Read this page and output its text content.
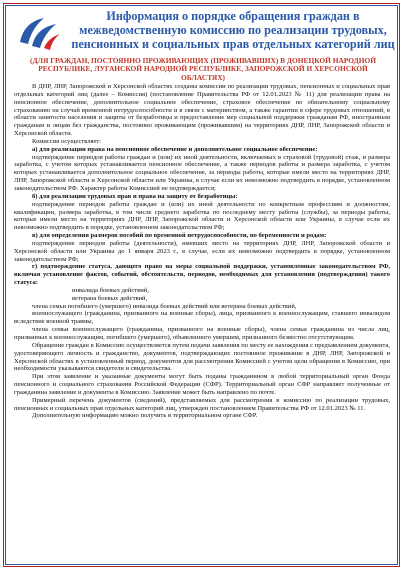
Информация о порядке обращения граждан в межведомственную комиссию по реализации трудовых, пенсионных и социальных прав отдельных категорий лиц
(ДЛЯ ГРАЖДАН, ПОСТОЯННО ПРОЖИВАЮЩИХ (ПРОЖИВАВШИХ) В ДОНЕЦКОЙ НАРОДНОЙ РЕСПУБЛИКЕ, ЛУГАНСКОЙ НАРОДНОЙ РЕСПУБЛИКЕ, ЗАПОРОЖСКОЙ И ХЕРСОНСКОЙ ОБЛАСТЯХ)

В ДНР, ЛНР, Запорожской и Херсонской областях созданы комиссии по реализации трудовых, пенсионных и социальных прав отдельных категорий лиц (далее – Комиссия) (постановление Правительства РФ от 12.01.2023 № 11) для реализации права на пенсионное обеспечение, дополнительное социальное обеспечение, страховое обеспечение по обязательному социальному страхованию на случай временной нетрудоспособности и в связи с материнством, а также гарантии в сфере трудовых отношений, в области занятости населения и защиты от безработицы и предоставление мер социальной поддержки гражданам РФ, иностранным гражданам и лицам без гражданства, постоянно проживающим (проживавшим) на территориях ДНР, ЛНР, Запорожской области и Херсонской области.

Комиссия осуществляет:

а) для реализации права на пенсионное обеспечение и дополнительное социальное обеспечение:

подтверждение периодов работы граждан и (или) их иной деятельности, включаемых в страховой (трудовой) стаж, и размера заработка, с учетом которых устанавливается пенсионное обеспечение, а также периодов работы и размера заработка, с учетом которых устанавливается дополнительное социальное обеспечение, за периоды работы, которые имели место на территориях ДНР, ЛНР, Запорожской области и Херсонской области или Украины, в случае если их невозможно подтвердить в порядке, установленном законодательством РФ. Характер работы Комиссией не подтверждается;

б) для реализации трудовых прав и права на защиту от безработицы:

подтверждение периодов работы граждан и (или) их иной деятельности по конкретным профессиям и должностям, квалификации, размера заработка, в том числе среднего заработка по последнему месту работы (службы), за периоды работы, которые имели место на территориях ДНР, ЛНР, Запорожской области и Херсонской области или Украины, в случае если их невозможно подтвердить в порядке, установленном законодательством РФ;

в) для определения размеров пособий по временной нетрудоспособности, по беременности и родам:

подтверждение периодов работы (деятельности), имевших место на территориях ДНР, ЛНР, Запорожской области и Херсонской области или Украины до 1 января 2023 г., в случае, если их невозможно подтвердить в порядке, установленном законодательством РФ;

г) подтверждение статуса, дающего право на меры социальной поддержки, установленные законодательством РФ, включая установление фактов, событий, обстоятельств, периодов, необходимых для установления (подтверждения) такого статуса:

инвалида боевых действий,

ветерана боевых действий,

члена семьи погибшего (умершего) инвалида боевых действий или ветерана боевых действий,

военнослужащего (гражданина, призванного на военные сборы), лица, призванного к военнослужащим, ставшего инвалидом вследствие военной травмы,

члена семьи военнослужащего (гражданина, призванного на военные сборы), члена семьи гражданина из числа лиц, призванных к военнослужащим, погибшего (умершего), объявленного умершим, признанного безвестно отсутствующим.

Обращение граждан в Комиссию осуществляется путем подачи заявления по месту ее нахождения с предъявлением документа, удостоверяющего личность и гражданство, документов, подтверждающих постоянное проживание в ДНР, ЛНР, Запорожской и Херсонской областях в установленный период, документов для рассмотрения Комиссией с учетом цели обращения в Комиссию, при необходимости указываются свидетели и свидетельства.

При этом заявление и указанные документы могут быть поданы гражданином в любой территориальный орган Фонда пенсионного и социального страхования Российской Федерации (СФР). Территориальный орган СФР направляет полученные от гражданина заявление и документы в Комиссию. Заявление может быть направлено по почте.

Примерный перечень документов (сведений), представляемых для рассмотрения в комиссию по реализации трудовых, пенсионных и социальных прав отдельных категорий лиц, утвержден постановлением Правительства РФ от 12.01.2023 № 11.

Дополнительную информацию можно получить в территориальном органе СФР.
